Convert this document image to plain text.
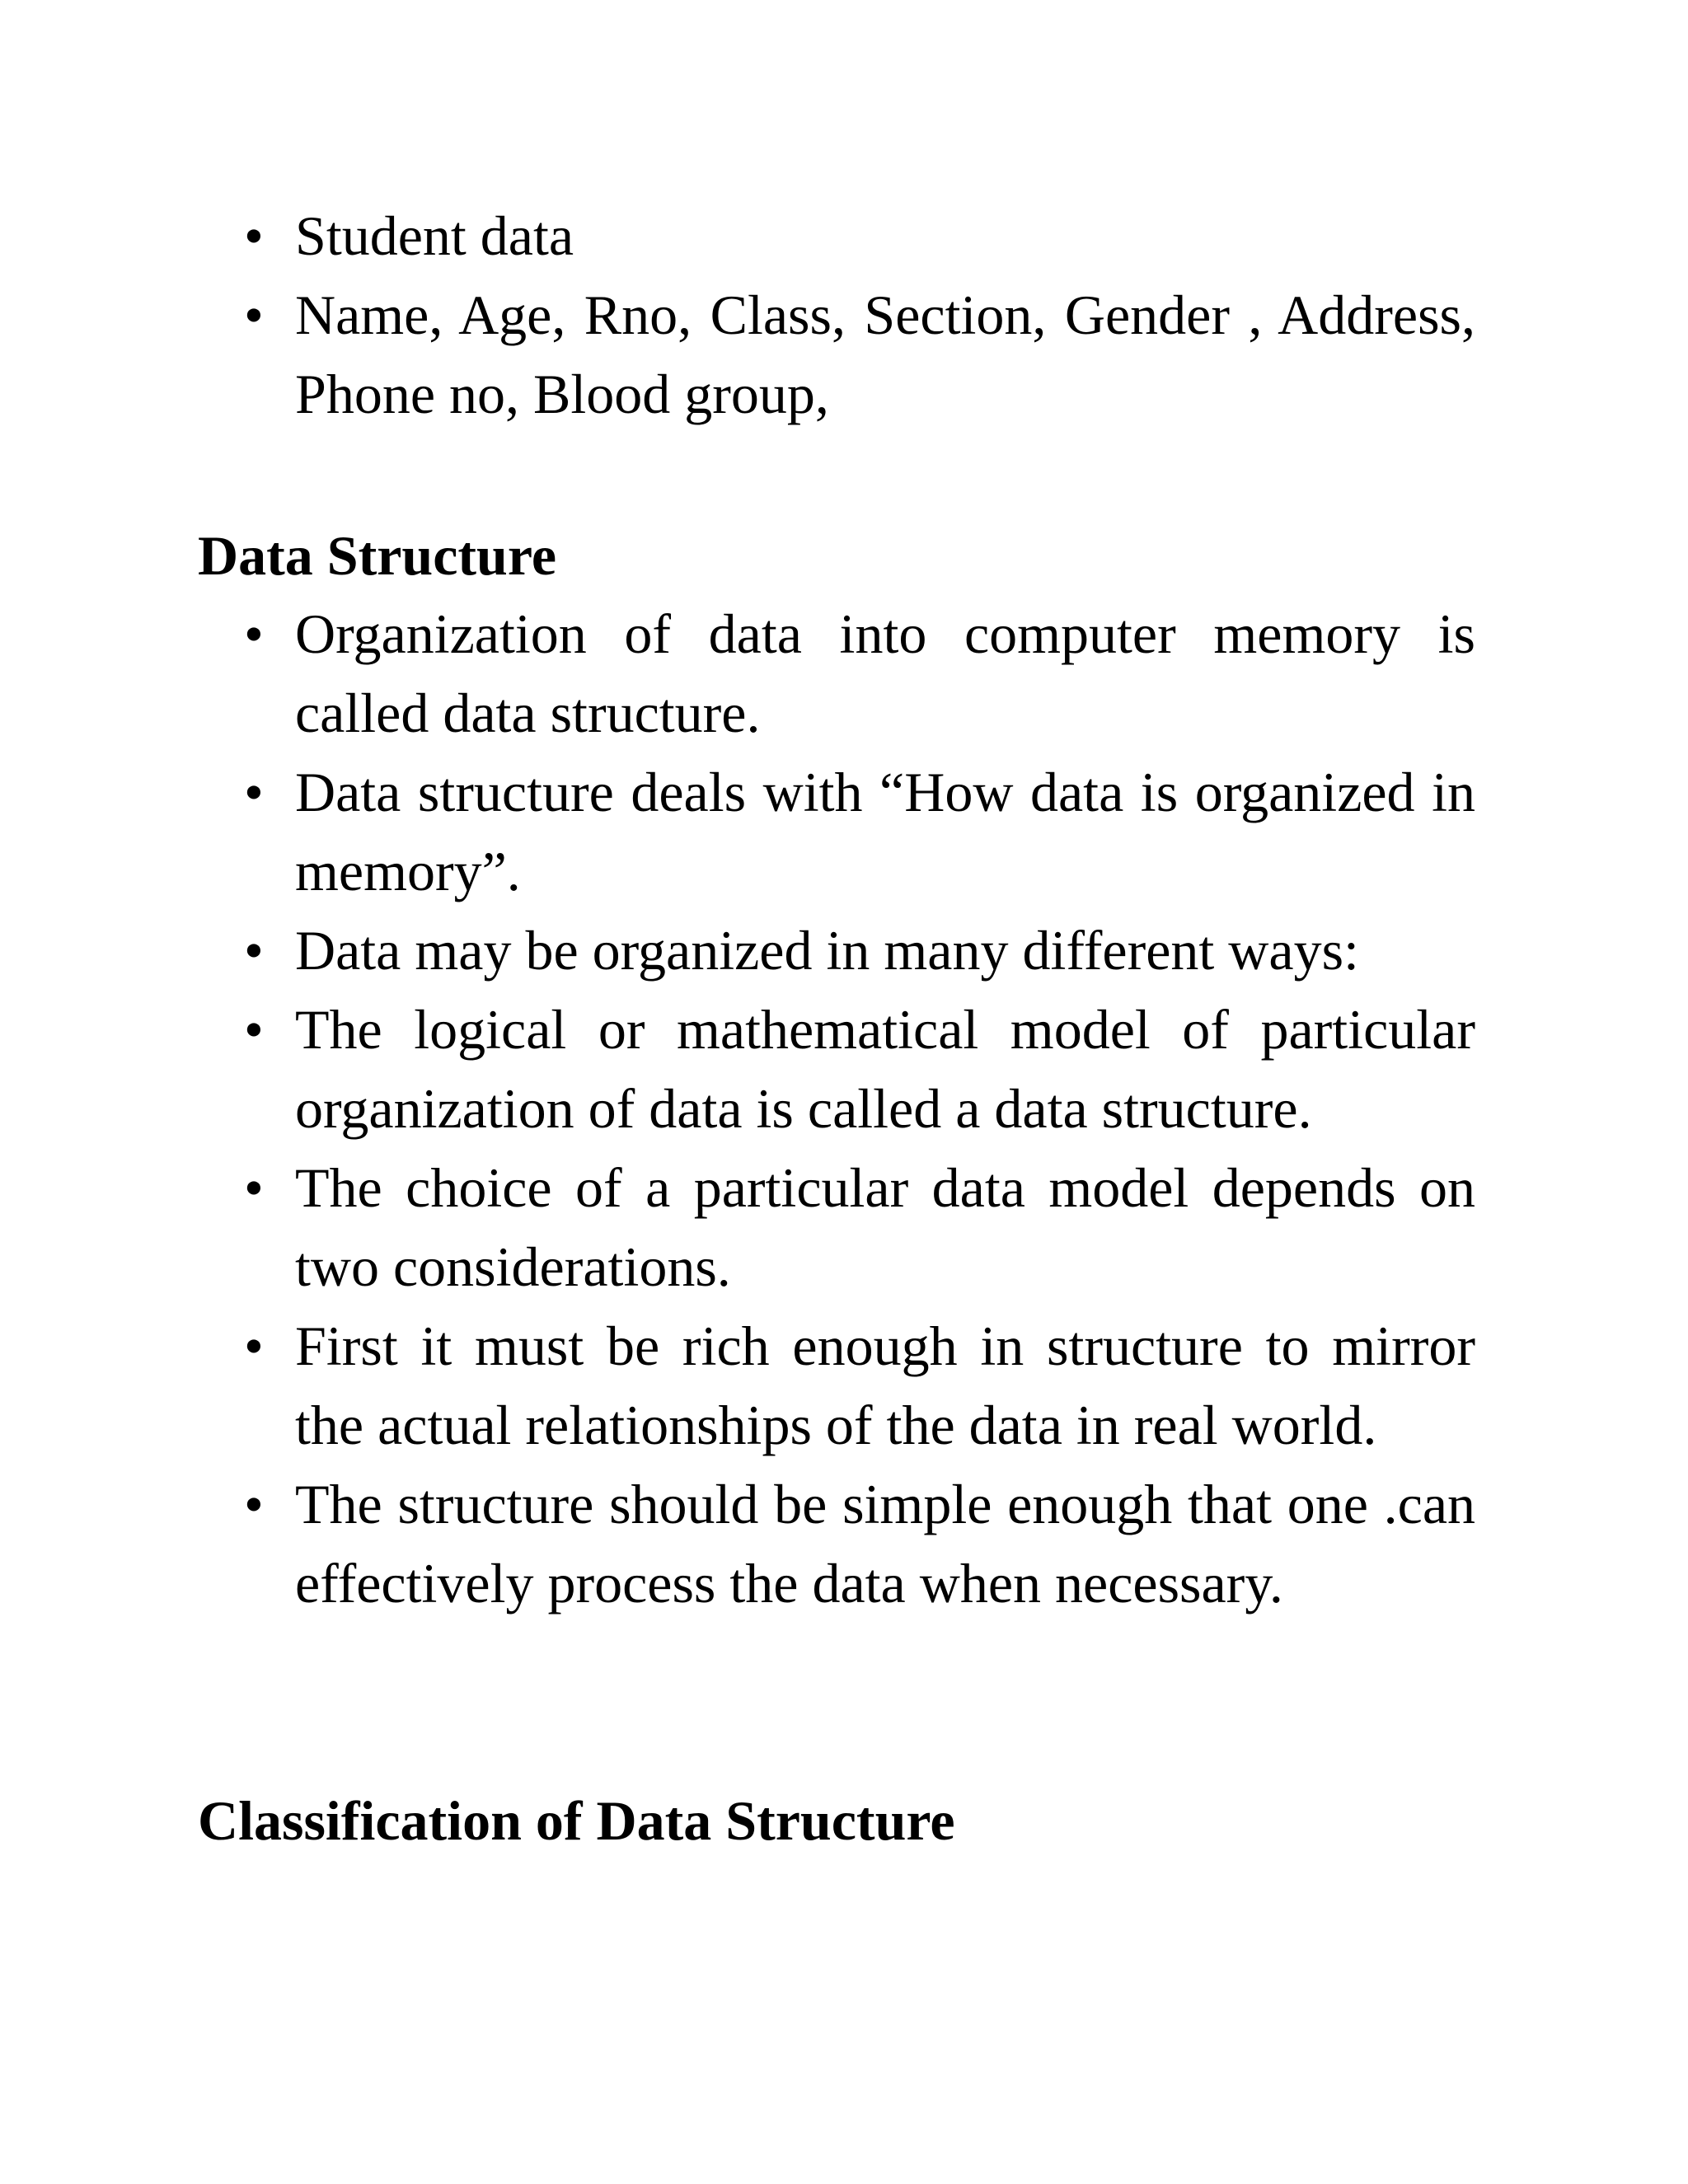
• Student data
• Name, Age, Rno, Class, Section, Gender , Address, Phone no, Blood group,
Data Structure
• Organization of data into computer memory is called data structure.
• Data structure deals with “How data is organized in memory”.
• Data may be organized in many different ways:
• The logical or mathematical model of particular organization of data is called a data structure.
• The choice of a particular data model depends on two considerations.
• First it must be rich enough in structure to mirror the actual relationships of the data in real world.
• The structure should be simple enough that one .can effectively process the data when necessary.
Classification of Data Structure
